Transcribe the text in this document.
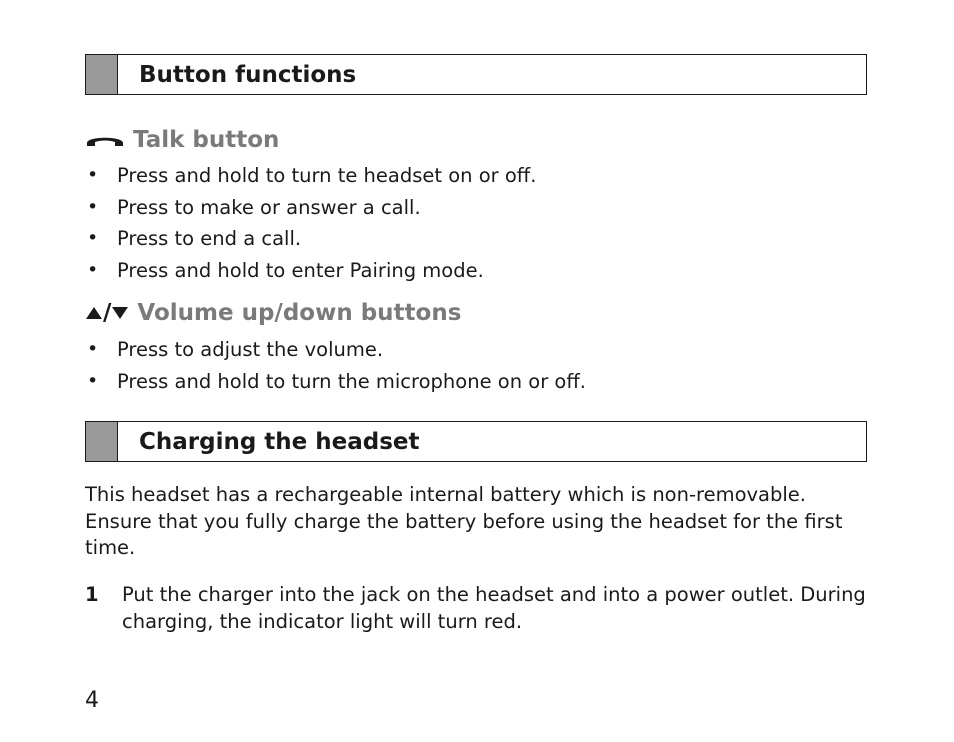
Button functions
Talk button
• Press and hold to turn te headset on or off.
• Press to make or answer a call.
• Press to end a call.
• Press and hold to enter Pairing mode.
/ Volume up/down buttons
• Press to adjust the volume.
• Press and hold to turn the microphone on or off.
Charging the headset

This headset has a rechargeable internal battery which is non-removable. Ensure that you fully charge the battery before using the headset for the first time.

1 Put the charger into the jack on the headset and into a power outlet. During charging, the indicator light will turn red.
4
